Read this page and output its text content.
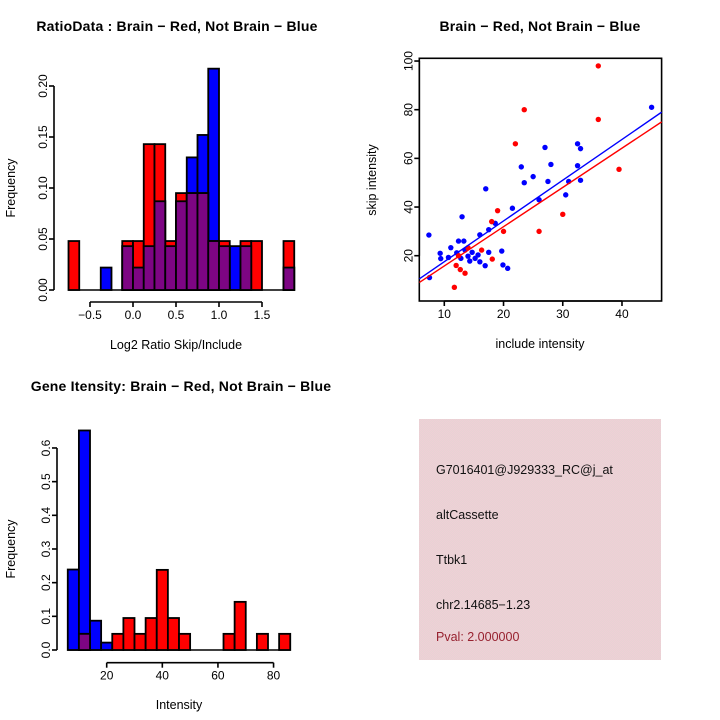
RatioData : Brain − Red, Not Brain − Blue
−0.5 0.0 0.5 1.0 1.5
0.00
0.05
0.10
0.15
0.20
Log2 Ratio Skip/Include
Frequency
Brain − Red, Not Brain − Blue
10	20	30	40
20
40
60
80
100
include intensity
skip intensity
Gene Itensity: Brain − Red, Not Brain − Blue
20	40	60	80
0.0
0.1
0.2
0.3
0.4
0.5
0.6
Intensity
Frequency
G7016401@J929333_RC@j_at
altCassette
Ttbk1
chr2.14685−1.23
Pval: 2.000000
